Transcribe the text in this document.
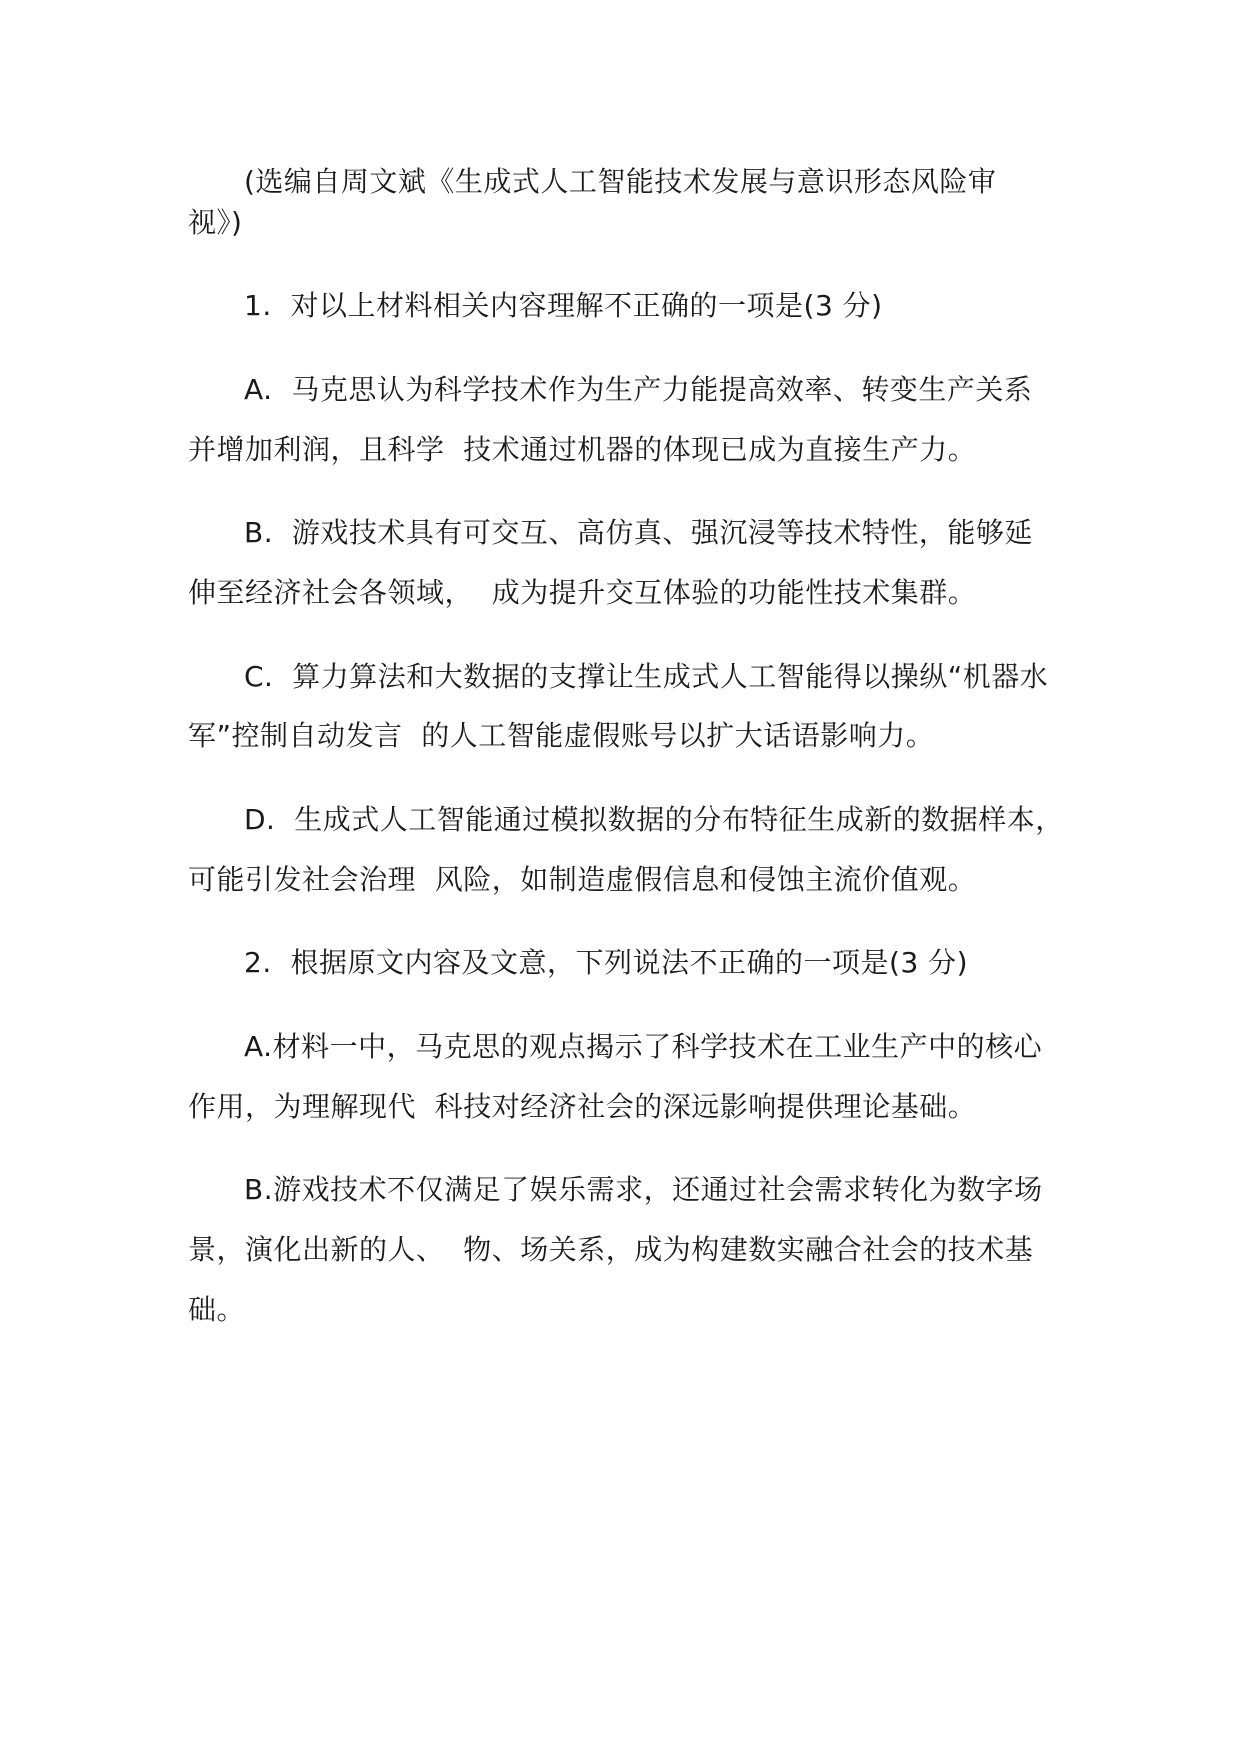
(选编自周文斌《生成式人工智能技术发展与意识形态风险审
视》)
1.  对以上材料相关内容理解不正确的一项是(3 分)
A.  马克思认为科学技术作为生产力能提高效率、转变生产关系
并增加利润，且科学  技术通过机器的体现已成为直接生产力。
B.  游戏技术具有可交互、高仿真、强沉浸等技术特性，能够延
伸至经济社会各领域，  成为提升交互体验的功能性技术集群。
C.  算力算法和大数据的支撑让生成式人工智能得以操纵“机器水
军”控制自动发言  的人工智能虚假账号以扩大话语影响力。
D.  生成式人工智能通过模拟数据的分布特征生成新的数据样本，
可能引发社会治理  风险，如制造虚假信息和侵蚀主流价值观。
2.  根据原文内容及文意，下列说法不正确的一项是(3 分)
A.材料一中，马克思的观点揭示了科学技术在工业生产中的核心
作用，为理解现代  科技对经济社会的深远影响提供理论基础。
B.游戏技术不仅满足了娱乐需求，还通过社会需求转化为数字场
景，演化出新的人、  物、场关系，成为构建数实融合社会的技术基
础。
